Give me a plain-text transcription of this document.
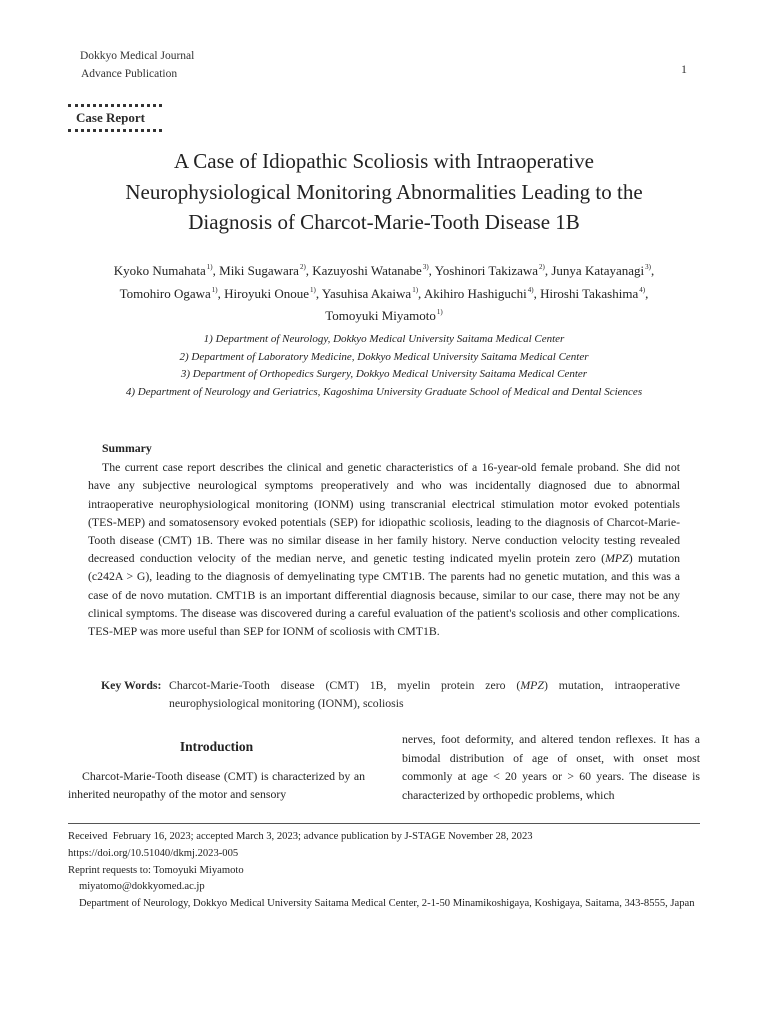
Dokkyo Medical Journal
Advance Publication	1
Case Report
A Case of Idiopathic Scoliosis with Intraoperative
Neurophysiological Monitoring Abnormalities Leading to the
Diagnosis of Charcot-Marie-Tooth Disease 1B
Kyoko Numahata$^{1)}$, Miki Sugawara$^{2)}$, Kazuyoshi Watanabe$^{3)}$, Yoshinori Takizawa$^{2)}$, Junya Katayanagi$^{3)}$,
Tomohiro Ogawa$^{1)}$, Hiroyuki Onoue$^{1)}$, Yasuhisa Akaiwa$^{1)}$, Akihiro Hashiguchi$^{4)}$, Hiroshi Takashima$^{4)}$,
Tomoyuki Miyamoto$^{1)}$
1) Department of Neurology, Dokkyo Medical University Saitama Medical Center
2) Department of Laboratory Medicine, Dokkyo Medical University Saitama Medical Center
3) Department of Orthopedics Surgery, Dokkyo Medical University Saitama Medical Center
4) Department of Neurology and Geriatrics, Kagoshima University Graduate School of Medical and Dental Sciences
Summary

The current case report describes the clinical and genetic characteristics of a 16-year-old female proband. She did not have any subjective neurological symptoms preoperatively and who was incidentally diagnosed due to abnormal intraoperative neurophysiological monitoring (IONM) using transcranial electrical stimulation motor evoked potentials (TES-MEP) and somatosensory evoked potentials (SEP) for idiopathic scoliosis, leading to the diagnosis of Charcot-Marie-Tooth disease (CMT) 1B. There was no similar disease in her family history. Nerve conduction velocity testing revealed decreased conduction velocity of the median nerve, and genetic testing indicated myelin protein zero (MPZ) mutation (c242A > G), leading to the diagnosis of demyelinating type CMT1B. The parents had no genetic mutation, and this was a case of de novo mutation. CMT1B is an important differential diagnosis because, similar to our case, there may not be any clinical symptoms. The disease was discovered during a careful evaluation of the patient's scoliosis and other complications. TES-MEP was more useful than SEP for IONM of scoliosis with CMT1B.

Key Words: Charcot-Marie-Tooth disease (CMT) 1B, myelin protein zero (MPZ) mutation, intraoperative neurophysiological monitoring (IONM), scoliosis
Introduction

Charcot-Marie-Tooth disease (CMT) is characterized by an inherited neuropathy of the motor and sensory

nerves, foot deformity, and altered tendon reflexes. It has a bimodal distribution of age of onset, with onset most commonly at age < 20 years or > 60 years. The disease is characterized by orthopedic problems, which

Received February 16, 2023; accepted March 3, 2023; advance publication by J-STAGE November 28, 2023
https://doi.org/10.51040/dkmj.2023-005
Reprint requests to: Tomoyuki Miyamoto
miyatomo@dokkyomed.ac.jp
Department of Neurology, Dokkyo Medical University Saitama Medical Center, 2-1-50 Minamikoshigaya, Koshigaya, Saitama, 343-8555, Japan
